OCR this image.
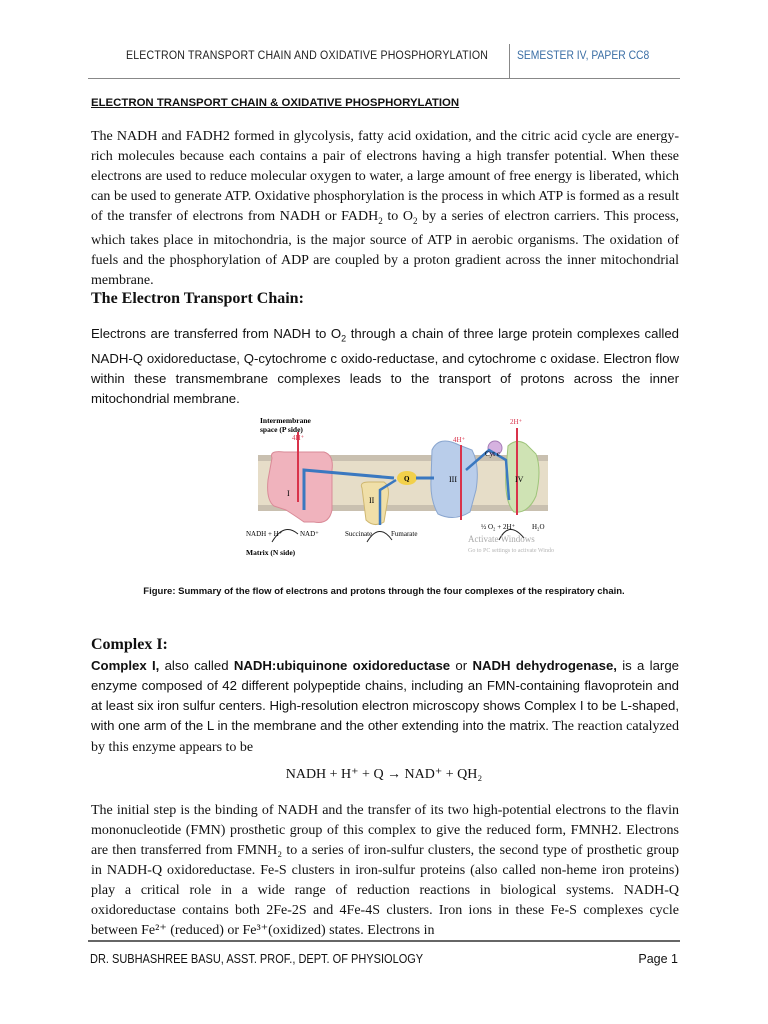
ELECTRON TRANSPORT CHAIN AND OXIDATIVE PHOSPHORYLATION	SEMESTER IV, PAPER CC8
ELECTRON TRANSPORT CHAIN & OXIDATIVE PHOSPHORYLATION
The NADH and FADH2 formed in glycolysis, fatty acid oxidation, and the citric acid cycle are energy-rich molecules because each contains a pair of electrons having a high transfer potential. When these electrons are used to reduce molecular oxygen to water, a large amount of free energy is liberated, which can be used to generate ATP. Oxidative phosphorylation is the process in which ATP is formed as a result of the transfer of electrons from NADH or $FADH_2$ to $O_2$ by a series of electron carriers. This process, which takes place in mitochondria, is the major source of ATP in aerobic organisms. The oxidation of fuels and the phosphorylation of ADP are coupled by a proton gradient across the inner mitochondrial membrane.
The Electron Transport Chain:
Electrons are transferred from NADH to $O_2$ through a chain of three large protein complexes called NADH-Q oxidoreductase, Q-cytochrome c oxido-reductase, and cytochrome c oxidase. Electron flow within these transmembrane complexes leads to the transport of protons across the inner mitochondrial membrane.
Intermembrane
space (P side)
4H⁺	4H⁺
2H⁺
Cyt c
Q
I
II
III	IV
NADH + H⁺	NAD⁺	Succinate	Fumarate
½ O₂ + 2H⁺ H₂O
Matrix (N side)
Activate Windows
Go to PC settings to activate Windo
Figure: Summary of the flow of electrons and protons through the four complexes of the respiratory chain.
Complex I:
Complex I, also called NADH:ubiquinone oxidoreductase or NADH dehydrogenase, is a large enzyme composed of 42 different polypeptide chains, including an FMN-containing flavoprotein and at least six iron sulfur centers. High-resolution electron microscopy shows Complex I to be L-shaped, with one arm of the L in the membrane and the other extending into the matrix. The reaction catalyzed by this enzyme appears to be
NADH + H⁺ + Q → NAD⁺ + QH₂
The initial step is the binding of NADH and the transfer of its two high-potential electrons to the flavin mononucleotide (FMN) prosthetic group of this complex to give the reduced form, FMNH2. Electrons are then transferred from FMNH₂ to a series of iron-sulfur clusters, the second type of prosthetic group in NADH-Q oxidoreductase. Fe-S clusters in iron-sulfur proteins (also called non-heme iron proteins) play a critical role in a wide range of reduction reactions in biological systems. NADH-Q oxidoreductase contains both 2Fe-2S and 4Fe-4S clusters. Iron ions in these Fe-S complexes cycle between Fe²⁺ (reduced) or Fe³⁺(oxidized) states. Electrons in
DR. SUBHASHREE BASU, ASST. PROF., DEPT. OF PHYSIOLOGY	Page 1
